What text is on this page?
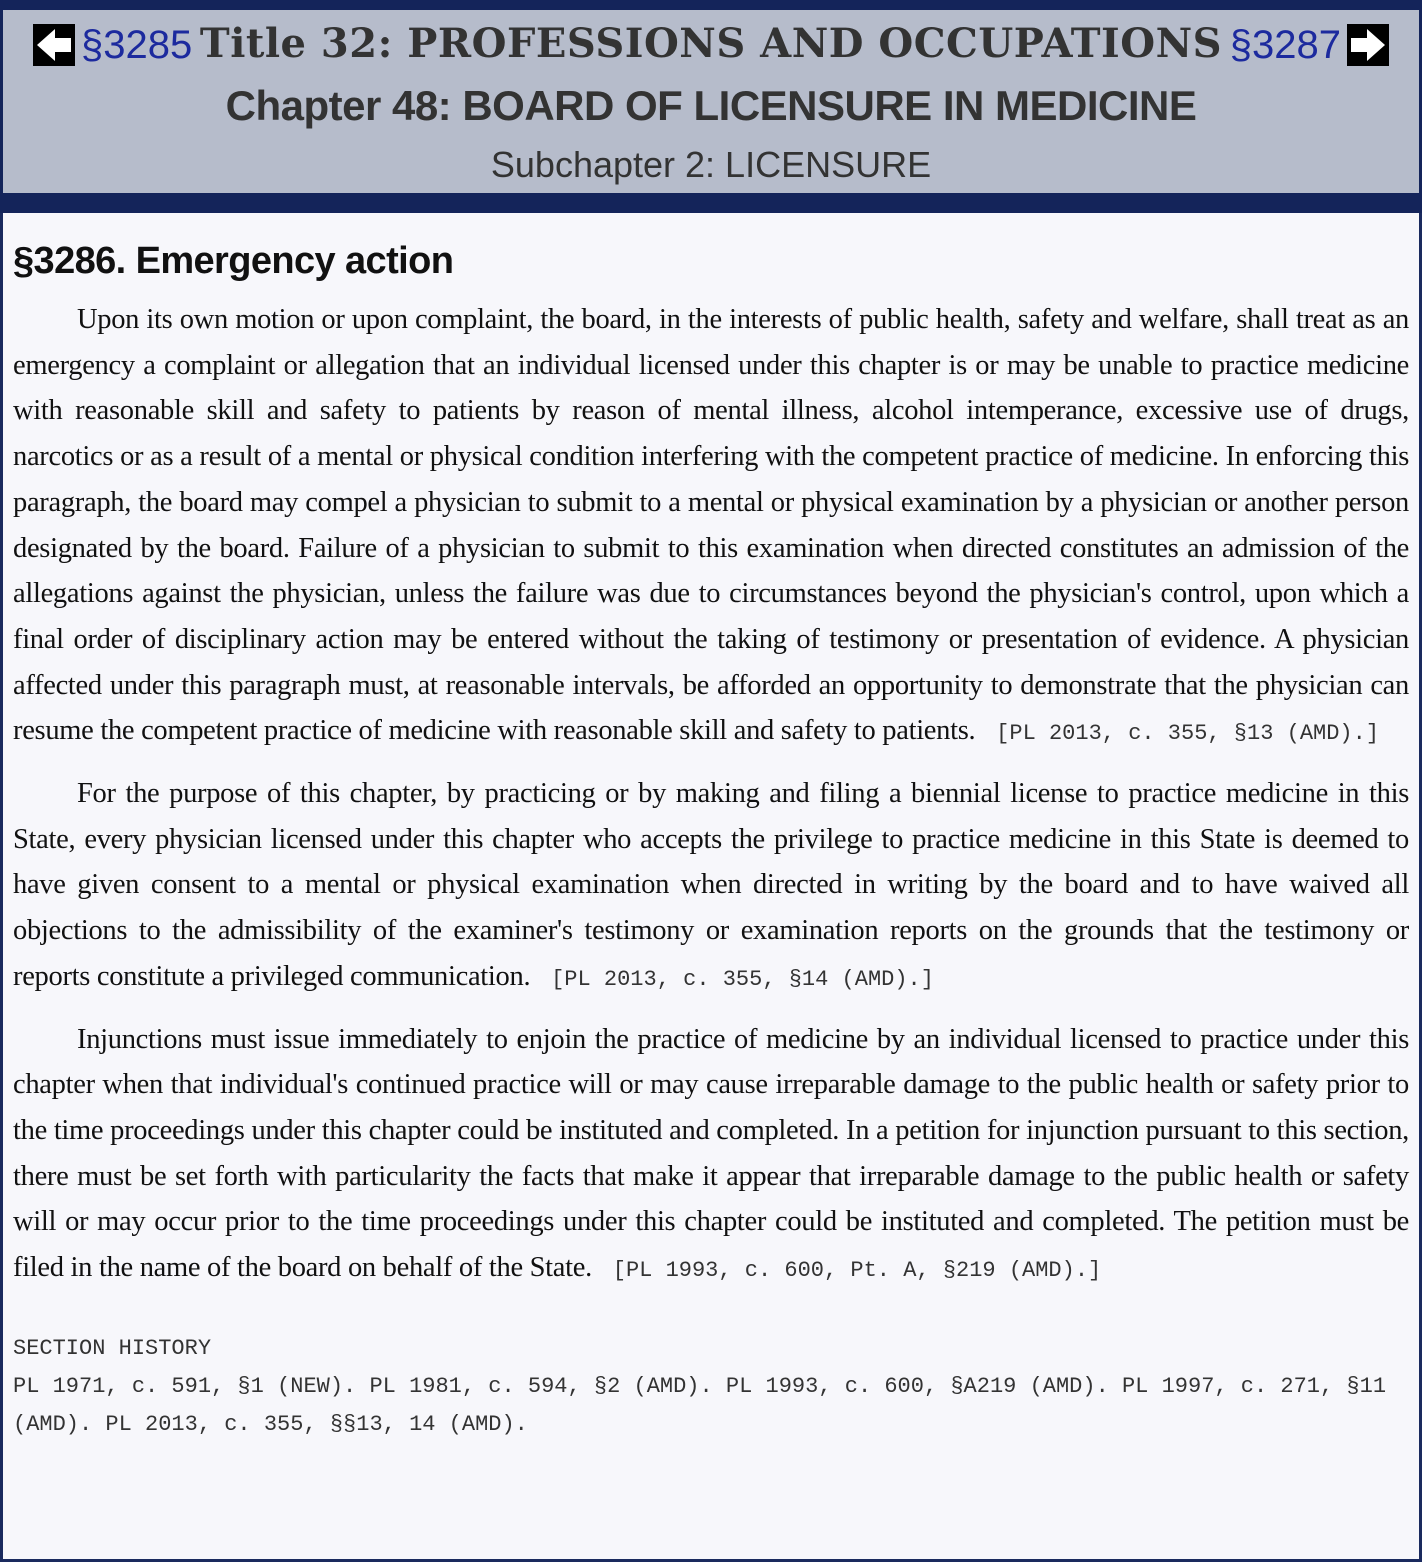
§3285 Title 32: PROFESSIONS AND OCCUPATIONS
Chapter 48: BOARD OF LICENSURE IN MEDICINE
Subchapter 2: LICENSURE
§3287
§3286. Emergency action

Upon its own motion or upon complaint, the board, in the interests of public health, safety and welfare, shall treat as an emergency a complaint or allegation that an individual licensed under this chapter is or may be unable to practice medicine with reasonable skill and safety to patients by reason of mental illness, alcohol intemperance, excessive use of drugs, narcotics or as a result of a mental or physical condition interfering with the competent practice of medicine. In enforcing this paragraph, the board may compel a physician to submit to a mental or physical examination by a physician or another person designated by the board. Failure of a physician to submit to this examination when directed constitutes an admission of the allegations against the physician, unless the failure was due to circumstances beyond the physician's control, upon which a final order of disciplinary action may be entered without the taking of testimony or presentation of evidence. A physician affected under this paragraph must, at reasonable intervals, be afforded an opportunity to demonstrate that the physician can resume the competent practice of medicine with reasonable skill and safety to patients. [PL 2013, c. 355, §13 (AMD).]

For the purpose of this chapter, by practicing or by making and filing a biennial license to practice medicine in this State, every physician licensed under this chapter who accepts the privilege to practice medicine in this State is deemed to have given consent to a mental or physical examination when directed in writing by the board and to have waived all objections to the admissibility of the examiner's testimony or examination reports on the grounds that the testimony or reports constitute a privileged communication. [PL 2013, c. 355, §14 (AMD).]

Injunctions must issue immediately to enjoin the practice of medicine by an individual licensed to practice under this chapter when that individual's continued practice will or may cause irreparable damage to the public health or safety prior to the time proceedings under this chapter could be instituted and completed. In a petition for injunction pursuant to this section, there must be set forth with particularity the facts that make it appear that irreparable damage to the public health or safety will or may occur prior to the time proceedings under this chapter could be instituted and completed. The petition must be filed in the name of the board on behalf of the State. [PL 1993, c. 600, Pt. A, §219 (AMD).]

SECTION HISTORY
PL 1971, c. 591, §1 (NEW). PL 1981, c. 594, §2 (AMD). PL 1993, c. 600, §A219 (AMD). PL 1997, c. 271, §11 (AMD). PL 2013, c. 355, §§13, 14 (AMD).
